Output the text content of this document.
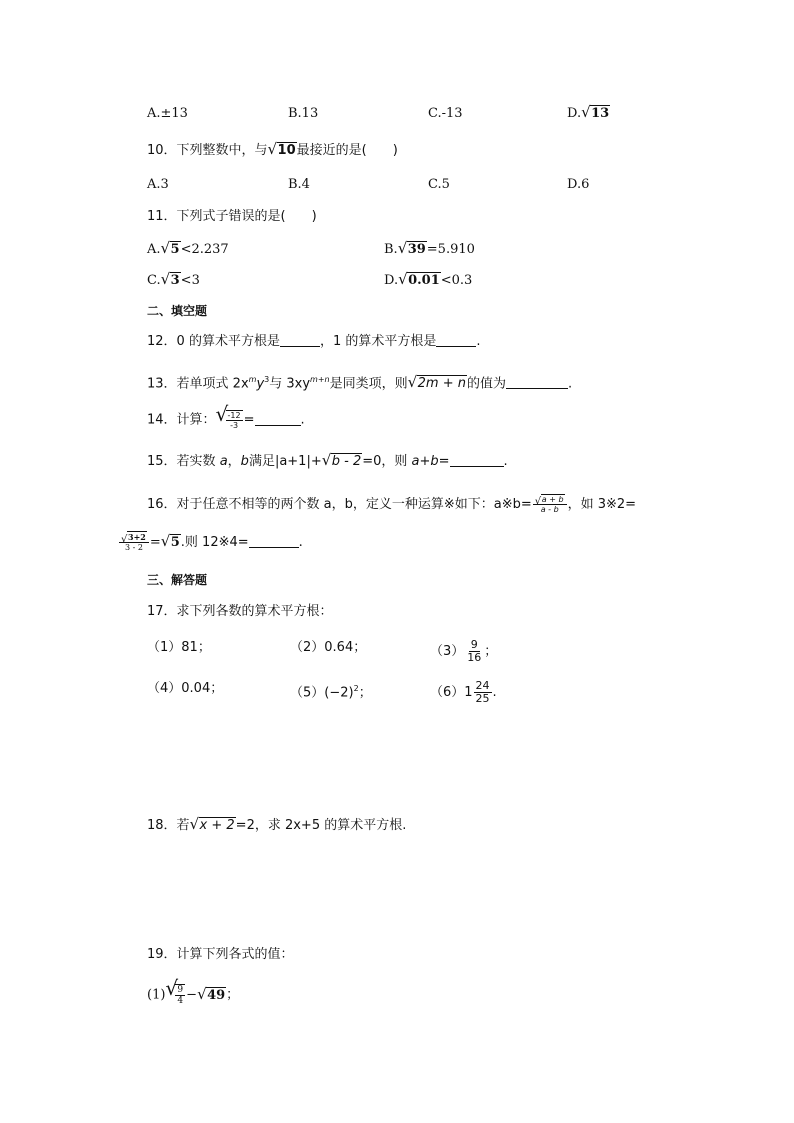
A.±13	B.13	C.-13	D. √ 13
10．下列整数中，与 √ 10最接近的是(　　)
A.3	B.4	C.5	D.6
11．下列式子错误的是(　　)
A. √ 5<2.237	B. √ 39=5.910
C. √ 3<3	D. √ 0.01<0.3
二、填空题
12．0 的算术平方根是	，1 的算术平方根是	.
13．若单项式 $2x^my^3$与 $3xy^{m+n}$是同类项，则 √ 2m + n的值为	.
14．计算： √
$\frac{-12}{-3}$ =	.
15．若实数 a，b满足|a+1|+ √ b - 2=0，则 a+b=	.
16．对于任意不相等的两个数 a，b，定义一种运算※如下：a※b= $\frac{√ a + b}{a - b}$ ，如 3※2=
$\frac{√ 3+2}{3 - 2}$ = √ 5.则 12※4=	.
三、解答题
17．求下列各数的算术平方根：
（1）81；	（2）0.64；	$(3) \frac{9}{16}$ ；
（4）0.04；	$(5)(-2)^2$；	$(6)1 \frac{24}{25}$ .
18．若 √ x + 2=2，求 2x+5 的算术平方根.
19．计算下列各式的值：
(1) √
$\frac{9}{4}$ − √ 49；
